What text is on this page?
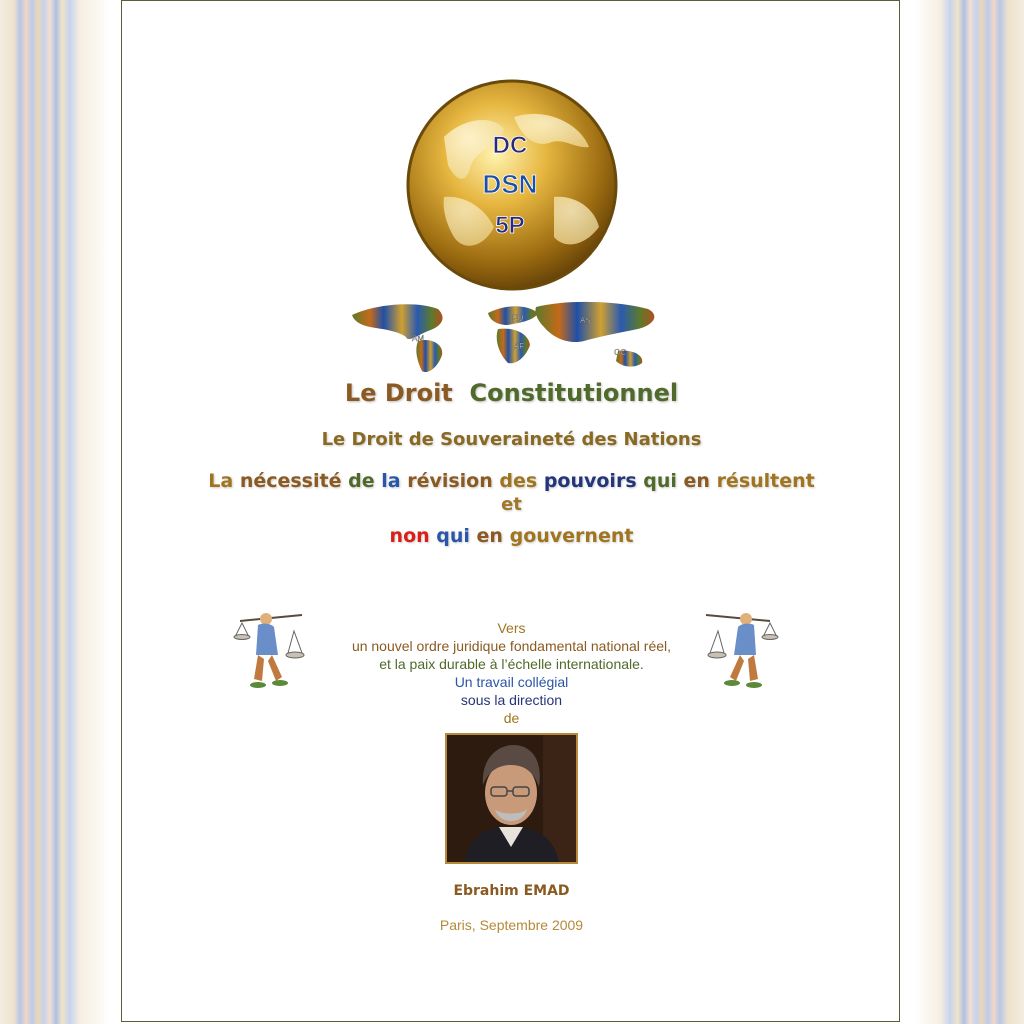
DC
DSN
5P
AM
EU	AS
AF
OC
Le Droit Constitutionnel
Le Droit de Souveraineté des Nations
La nécessité de la révision des pouvoirs qui en résultent
et
non qui en gouvernent
Vers
un nouvel ordre juridique fondamental national réel,
et la paix durable à l’échelle internationale.
Un travail collégial
sous la direction
de
Ebrahim EMAD
Paris, Septembre 2009
